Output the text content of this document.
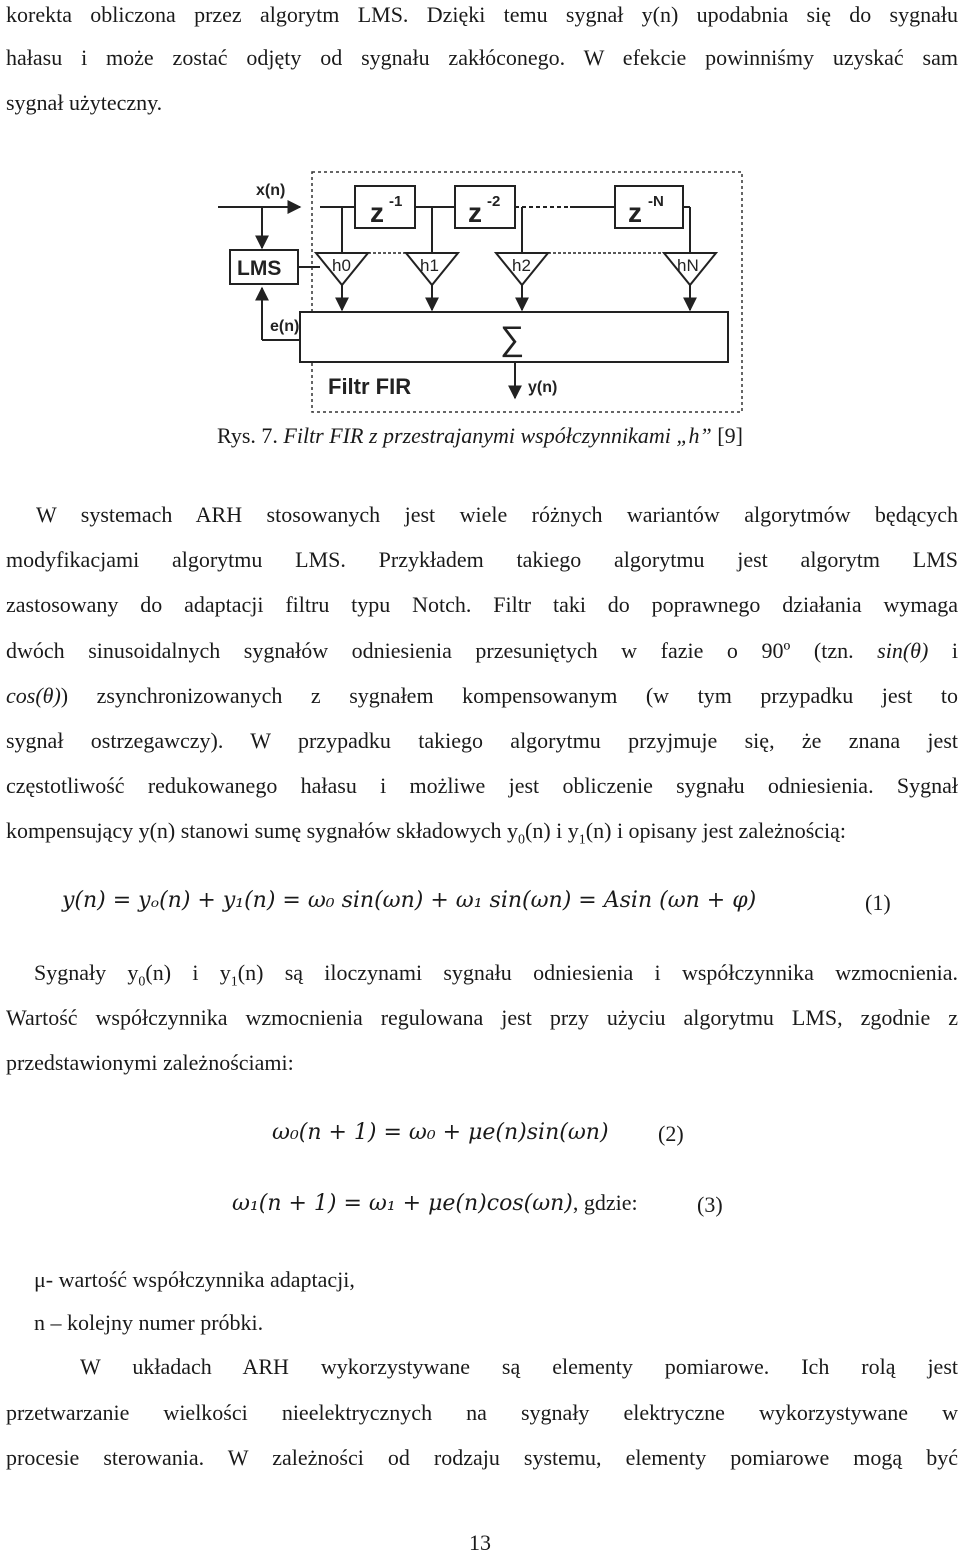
korekta obliczona przez algorytm LMS. Dzięki temu sygnał y(n) upodabnia się do sygnału
hałasu i może zostać odjęty od sygnału zakłóconego. W efekcie powinniśmy uzyskać sam
sygnał użyteczny.
x(n)
LMS
e(n)
z -1 z -2	z -N
h0	h1	h2	hN
∑
y(n)
Filtr FIR
Rys. 7. Filtr FIR z przestrajanymi współczynnikami „h” [9]
W systemach ARH stosowanych jest wiele różnych wariantów algorytmów będących
modyfikacjami algorytmu LMS. Przykładem takiego algorytmu jest algorytm LMS
zastosowany do adaptacji filtru typu Notch. Filtr taki do poprawnego działania wymaga
dwóch sinusoidalnych sygnałów odniesienia przesuniętych w fazie o 90º (tzn. sin(θ) i
cos(θ)) zsynchronizowanych z sygnałem kompensowanym (w tym przypadku jest to
sygnał ostrzegawczy). W przypadku takiego algorytmu przyjmuje się, że znana jest
częstotliwość redukowanego hałasu i możliwe jest obliczenie sygnału odniesienia. Sygnał
kompensujący y(n) stanowi sumę sygnałów składowych $y_0(n)$ i $y_1(n)$ i opisany jest zależnością:
y(n) = yₒ(n) + y₁(n) = ω₀ sin(ωn) + ω₁ sin(ωn) = Asin (ωn + φ)	(1)
Sygnały $y_0(n)$ i $y_1(n)$ są iloczynami sygnału odniesienia i współczynnika wzmocnienia.
Wartość współczynnika wzmocnienia regulowana jest przy użyciu algorytmu LMS, zgodnie z
przedstawionymi zależnościami:
ω₀(n + 1) = ω₀ + μe(n)sin(ωn) (2)
ω₁(n + 1) = ω₁ + μe(n)cos(ωn), gdzie:	(3)
μ- wartość współczynnika adaptacji,
n – kolejny numer próbki.
W układach ARH wykorzystywane są elementy pomiarowe. Ich rolą jest
przetwarzanie wielkości nieelektrycznych na sygnały elektryczne wykorzystywane w
procesie sterowania. W zależności od rodzaju systemu, elementy pomiarowe mogą być
13
